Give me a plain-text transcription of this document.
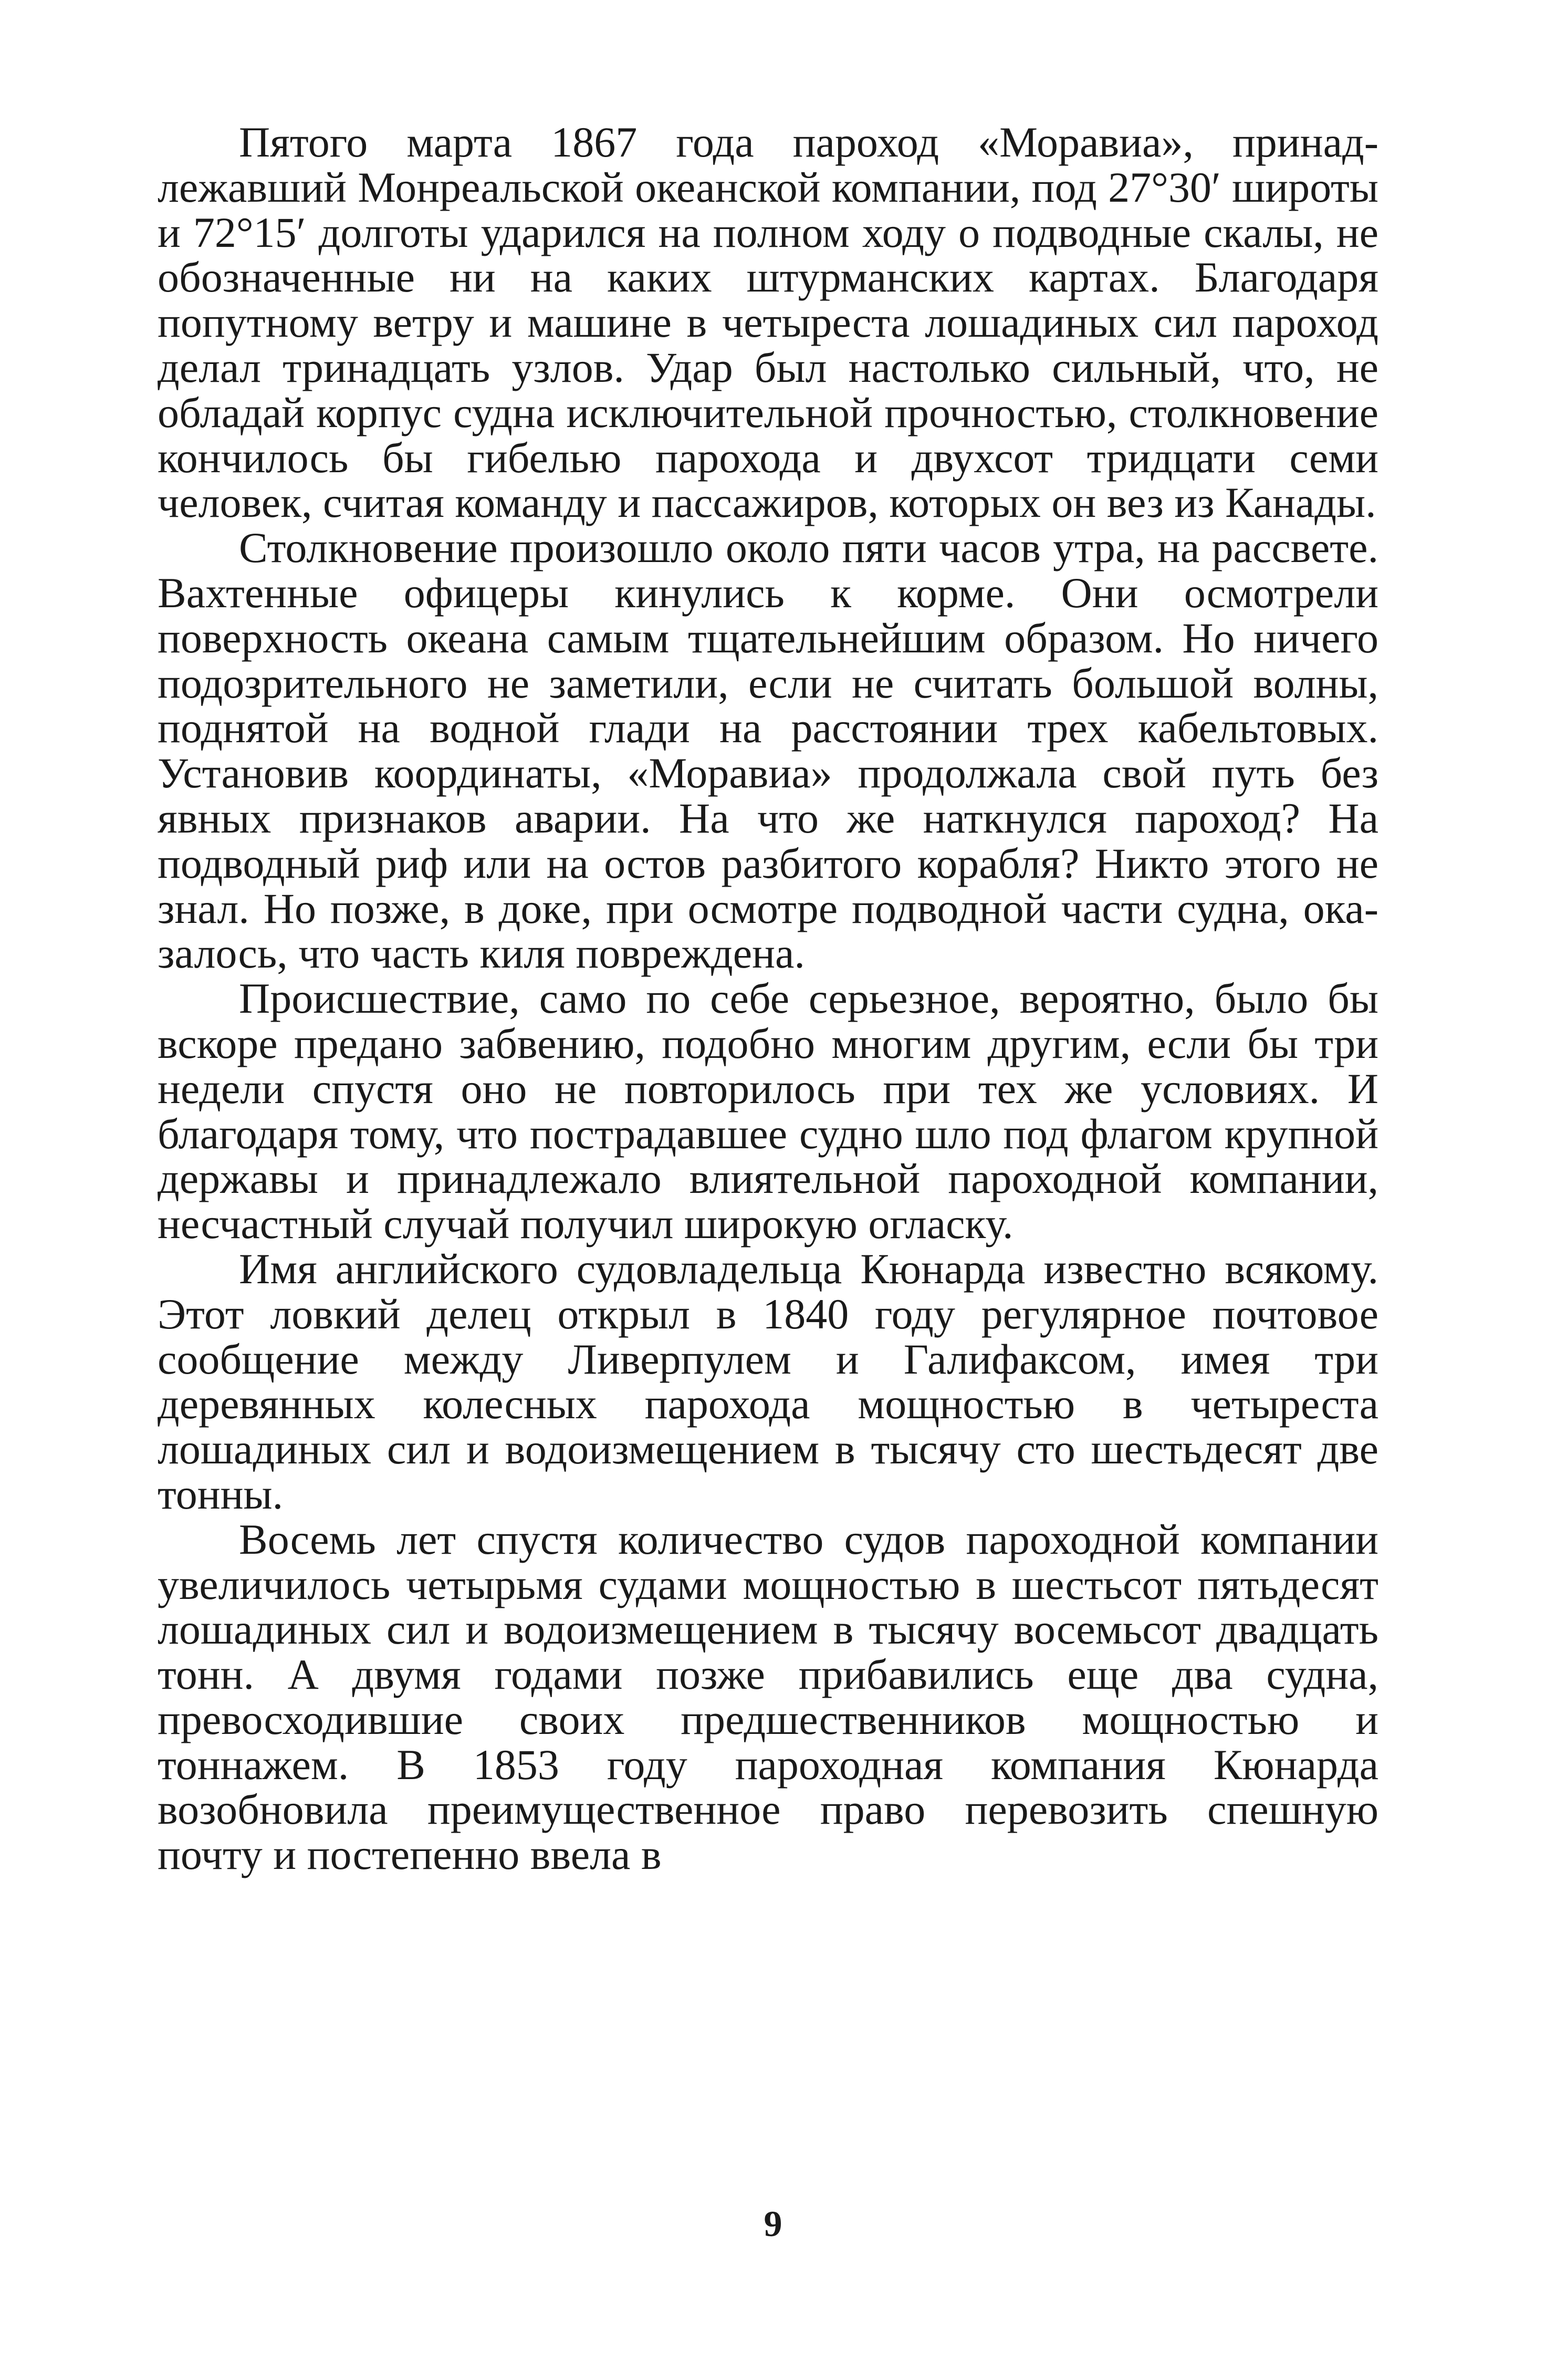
Пятого марта 1867 года пароход «Моравиа», принадлежавший Монреальской океанской компании, под 27°30′ широты и 72°15′ долготы ударился на полном ходу о подводные скалы, не обозначенные ни на каких штурманских картах. Благодаря попутному ветру и машине в четыреста лошадиных сил пароход делал тринадцать узлов. Удар был настолько сильный, что, не обладай корпус судна исключительной прочностью, столкновение кончилось бы гибелью парохода и двухсот тридцати семи человек, считая команду и пассажиров, которых он вез из Канады.

Столкновение произошло около пяти часов утра, на рассвете. Вахтенные офицеры кинулись к корме. Они осмотрели поверхность океана самым тщательнейшим образом. Но ничего подозрительного не заметили, если не считать большой волны, поднятой на водной глади на расстоянии трех кабельтовых. Установив координаты, «Моравиа» продолжала свой путь без явных признаков аварии. На что же наткнулся пароход? На подводный риф или на остов разбитого корабля? Никто этого не знал. Но позже, в доке, при осмотре подводной части судна, оказалось, что часть киля повреждена.

Происшествие, само по себе серьезное, вероятно, было бы вскоре предано забвению, подобно многим другим, если бы три недели спустя оно не повторилось при тех же условиях. И благодаря тому, что пострадавшее судно шло под флагом крупной державы и принадлежало влиятельной пароходной компании, несчастный случай получил широкую огласку.

Имя английского судовладельца Кюнарда известно всякому. Этот ловкий делец открыл в 1840 году регулярное почтовое сообщение между Ливерпулем и Галифаксом, имея три деревянных колесных парохода мощностью в четыреста лошадиных сил и водоизмещением в тысячу сто шестьдесят две тонны.

Восемь лет спустя количество судов пароходной компании увеличилось четырьмя судами мощностью в шестьсот пятьдесят лошадиных сил и водоизмещением в тысячу восемьсот двадцать тонн. А двумя годами позже прибавились еще два судна, превосходившие своих предшественников мощностью и тоннажем. В 1853 году пароходная компания Кюнарда возобновила преимущественное право перевозить спешную почту и постепенно ввела в

9
